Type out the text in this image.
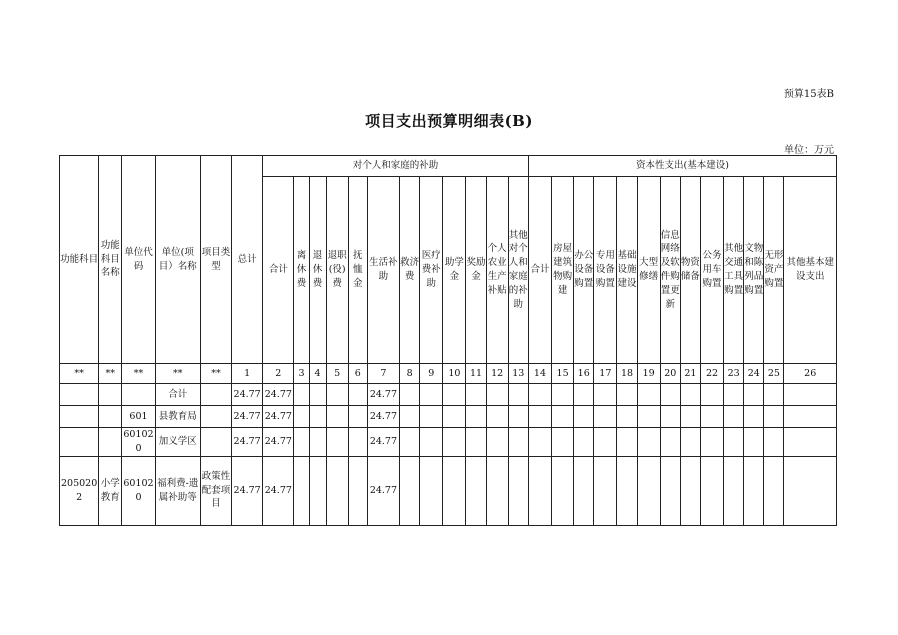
预算15表B
项目支出预算明细表(B)
单位：万元
功能科目	功能科目名称	单位代码	单位(项目）名称	项目类型	总计	对个人和家庭的补助												资本性支出(基本建设)												
						合计	离休费	退休费	退职(役)费	抚恤金	生活补助	救济费	医疗费补助	助学金	奖励金	个人农业生产补贴	其他对个人和家庭的补助	合计	房屋建筑物购建	办公设备购置	专用设备购置	基础设施建设	大型修缮	信息网络及软件购置更新	物资储备	公务用车购置	其他交通工具购置	文物和陈列品购置	无形资产购置	其他基本建设支出
**	**	**	**	**	1	2	3	4	5	6	7	8	9	10	11	12	13	14	15	16	17	18	19	20	21	22	23	24	25	26
			合计		24.77	24.77					24.77																			
		601	县教育局		24.77	24.77					24.77																			
		601020	加义学区		24.77	24.77					24.77																			
2050202	小学教育	601020	福利费-遗属补助等	政策性配套项目	24.77	24.77					24.77																			
